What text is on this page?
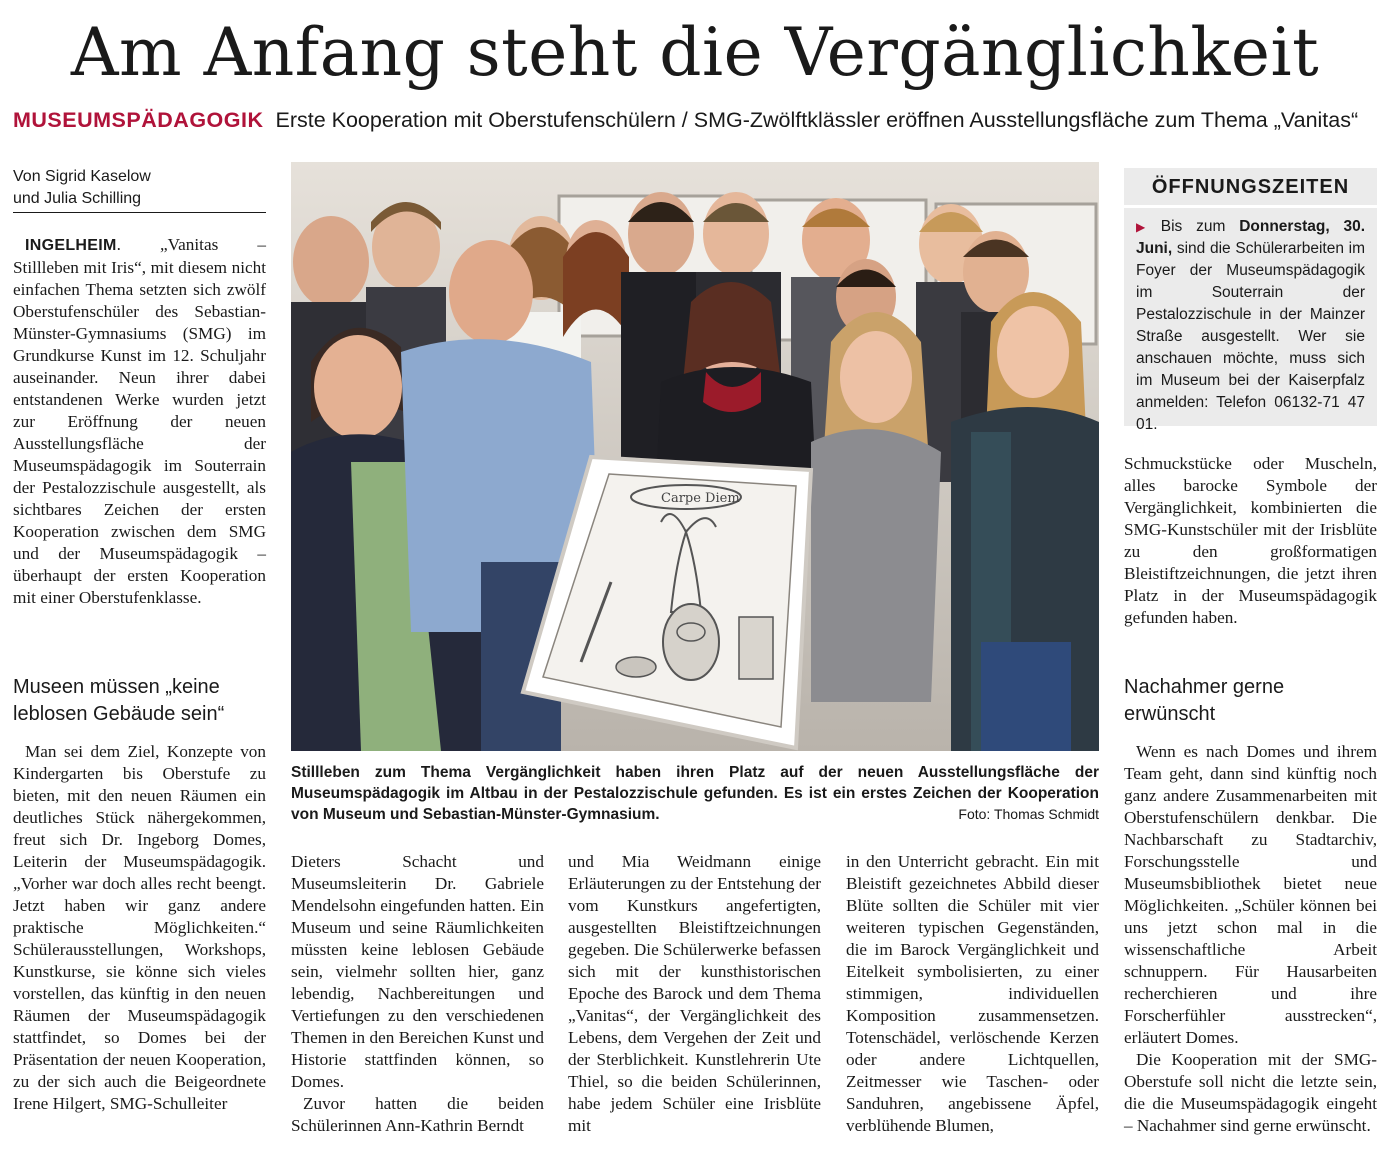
Am Anfang steht die Vergänglichkeit
MUSEUMSPÄDAGOGIK Erste Kooperation mit Oberstufenschülern / SMG-Zwölftklässler eröffnen Ausstellungsfläche zum Thema „Vanitas“
Von Sigrid Kaselow
und Julia Schilling

INGELHEIM. „Vanitas – Stillleben mit Iris“, mit diesem nicht einfachen Thema setzten sich zwölf Oberstufenschüler des Sebastian-Münster-Gymnasiums (SMG) im Grundkurse Kunst im 12. Schuljahr auseinander. Neun ihrer dabei entstandenen Werke wurden jetzt zur Eröffnung der neuen Ausstellungsfläche der Museumspädagogik im Souterrain der Pestalozzischule ausgestellt, als sichtbares Zeichen der ersten Kooperation zwischen dem SMG und der Museumspädagogik – überhaupt der ersten Kooperation mit einer Oberstufenklasse.

Museen müssen „keine

leblosen Gebäude sein“

Man sei dem Ziel, Konzepte von Kindergarten bis Oberstufe zu bieten, mit den neuen Räumen ein deutliches Stück nähergekommen, freut sich Dr. Ingeborg Domes, Leiterin der Museumspädagogik. „Vorher war doch alles recht beengt. Jetzt haben wir ganz andere praktische Möglichkeiten.“ Schülerausstellungen, Workshops, Kunstkurse, sie könne sich vieles vorstellen, das künftig in den neuen Räumen der Museumspädagogik stattfindet, so Domes bei der Präsentation der neuen Kooperation, zu der sich auch die Beigeordnete Irene Hilgert, SMG-Schulleiter

Carpe Diem
Stillleben zum Thema Vergänglichkeit haben ihren Platz auf der neuen Ausstellungsfläche der Museumspädagogik im Altbau in der Pestalozzischule gefunden. Es ist ein erstes Zeichen der Kooperation von Museum und Sebastian-Münster-Gymnasium.	Foto: Thomas Schmidt

Dieters Schacht und Museumsleiterin Dr. Gabriele Mendelsohn eingefunden hatten. Ein Museum und seine Räumlichkeiten müssten keine leblosen Gebäude sein, vielmehr sollten hier, ganz lebendig, Nachbereitungen und Vertiefungen zu den verschiedenen Themen in den Bereichen Kunst und Historie stattfinden können, so Domes.

Zuvor hatten die beiden Schülerinnen Ann-Kathrin Berndt

und Mia Weidmann einige Erläuterungen zu der Entstehung der vom Kunstkurs angefertigten, ausgestellten Bleistiftzeichnungen gegeben. Die Schülerwerke befassen sich mit der kunsthistorischen Epoche des Barock und dem Thema „Vanitas“, der Vergänglichkeit des Lebens, dem Vergehen der Zeit und der Sterblichkeit. Kunstlehrerin Ute Thiel, so die beiden Schülerinnen, habe jedem Schüler eine Irisblüte mit

in den Unterricht gebracht. Ein mit Bleistift gezeichnetes Abbild dieser Blüte sollten die Schüler mit vier weiteren typischen Gegenständen, die im Barock Vergänglichkeit und Eitelkeit symbolisierten, zu einer stimmigen, individuellen Komposition zusammensetzen. Totenschädel, verlöschende Kerzen oder andere Lichtquellen, Zeitmesser wie Taschen- oder Sanduhren, angebissene Äpfel, verblühende Blumen,

ÖFFNUNGSZEITEN
▶ Bis zum Donnerstag, 30. Juni, sind die Schülerarbeiten im Foyer der Museumspädagogik im Souterrain der Pestalozzischule in der Mainzer Straße ausgestellt. Wer sie anschauen möchte, muss sich im Museum bei der Kaiserpfalz anmelden: Telefon 06132-71 47 01.

Schmuckstücke oder Muscheln, alles barocke Symbole der Vergänglichkeit, kombinierten die SMG-Kunstschüler mit der Irisblüte zu den großformatigen Bleistiftzeichnungen, die jetzt ihren Platz in der Museumspädagogik gefunden haben.

Nachahmer gerne

erwünscht

Wenn es nach Domes und ihrem Team geht, dann sind künftig noch ganz andere Zusammenarbeiten mit Oberstufenschülern denkbar. Die Nachbarschaft zu Stadtarchiv, Forschungsstelle und Museumsbibliothek bietet neue Möglichkeiten. „Schüler können bei uns jetzt schon mal in die wissenschaftliche Arbeit schnuppern. Für Hausarbeiten recherchieren und ihre Forscherfühler ausstrecken“, erläutert Domes.

Die Kooperation mit der SMG-Oberstufe soll nicht die letzte sein, die die Museumspädagogik eingeht – Nachahmer sind gerne erwünscht.
